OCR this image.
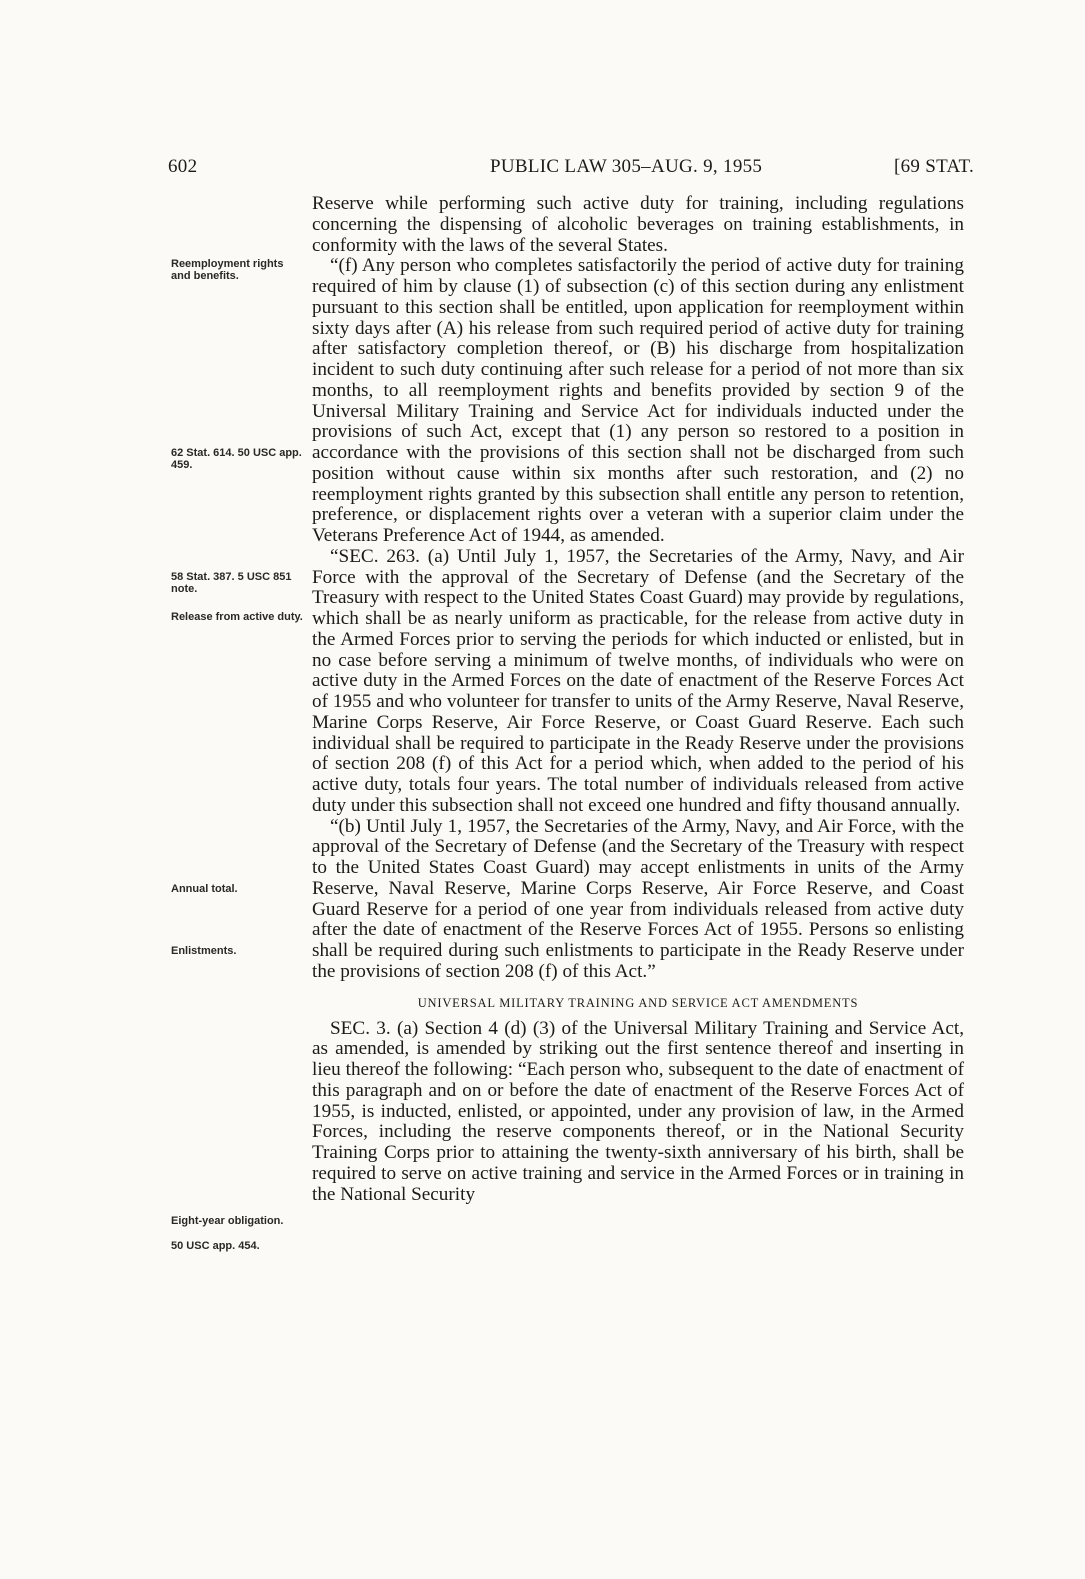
602	PUBLIC LAW 305–AUG. 9, 1955	[69 STAT.
Reemployment rights and benefits.
62 Stat. 614. 50 USC app. 459.
58 Stat. 387. 5 USC 851 note.
Release from active duty.
Annual total.
Enlistments.
Eight-year obligation.
50 USC app. 454.

Reserve while performing such active duty for training, including regulations concerning the dispensing of alcoholic beverages on training establishments, in conformity with the laws of the several States.

“(f) Any person who completes satisfactorily the period of active duty for training required of him by clause (1) of subsection (c) of this section during any enlistment pursuant to this section shall be entitled, upon application for reemployment within sixty days after (A) his release from such required period of active duty for training after satisfactory completion thereof, or (B) his discharge from hospitalization incident to such duty continuing after such release for a period of not more than six months, to all reemployment rights and benefits provided by section 9 of the Universal Military Training and Service Act for individuals inducted under the provisions of such Act, except that (1) any person so restored to a position in accordance with the provisions of this section shall not be discharged from such position without cause within six months after such restoration, and (2) no reemployment rights granted by this subsection shall entitle any person to retention, preference, or displacement rights over a veteran with a superior claim under the Veterans Preference Act of 1944, as amended.

“SEC. 263. (a) Until July 1, 1957, the Secretaries of the Army, Navy, and Air Force with the approval of the Secretary of Defense (and the Secretary of the Treasury with respect to the United States Coast Guard) may provide by regulations, which shall be as nearly uniform as practicable, for the release from active duty in the Armed Forces prior to serving the periods for which inducted or enlisted, but in no case before serving a minimum of twelve months, of individuals who were on active duty in the Armed Forces on the date of enactment of the Reserve Forces Act of 1955 and who volunteer for transfer to units of the Army Reserve, Naval Reserve, Marine Corps Reserve, Air Force Reserve, or Coast Guard Reserve. Each such individual shall be required to participate in the Ready Reserve under the provisions of section 208 (f) of this Act for a period which, when added to the period of his active duty, totals four years. The total number of individuals released from active duty under this subsection shall not exceed one hundred and fifty thousand annually.

“(b) Until July 1, 1957, the Secretaries of the Army, Navy, and Air Force, with the approval of the Secretary of Defense (and the Secretary of the Treasury with respect to the United States Coast Guard) may accept enlistments in units of the Army Reserve, Naval Reserve, Marine Corps Reserve, Air Force Reserve, and Coast Guard Reserve for a period of one year from individuals released from active duty after the date of enactment of the Reserve Forces Act of 1955. Persons so enlisting shall be required during such enlistments to participate in the Ready Reserve under the provisions of section 208 (f) of this Act.”

UNIVERSAL MILITARY TRAINING AND SERVICE ACT AMENDMENTS

SEC. 3. (a) Section 4 (d) (3) of the Universal Military Training and Service Act, as amended, is amended by striking out the first sentence thereof and inserting in lieu thereof the following: “Each person who, subsequent to the date of enactment of this paragraph and on or before the date of enactment of the Reserve Forces Act of 1955, is inducted, enlisted, or appointed, under any provision of law, in the Armed Forces, including the reserve components thereof, or in the National Security Training Corps prior to attaining the twenty-sixth anniversary of his birth, shall be required to serve on active training and service in the Armed Forces or in training in the National Security
